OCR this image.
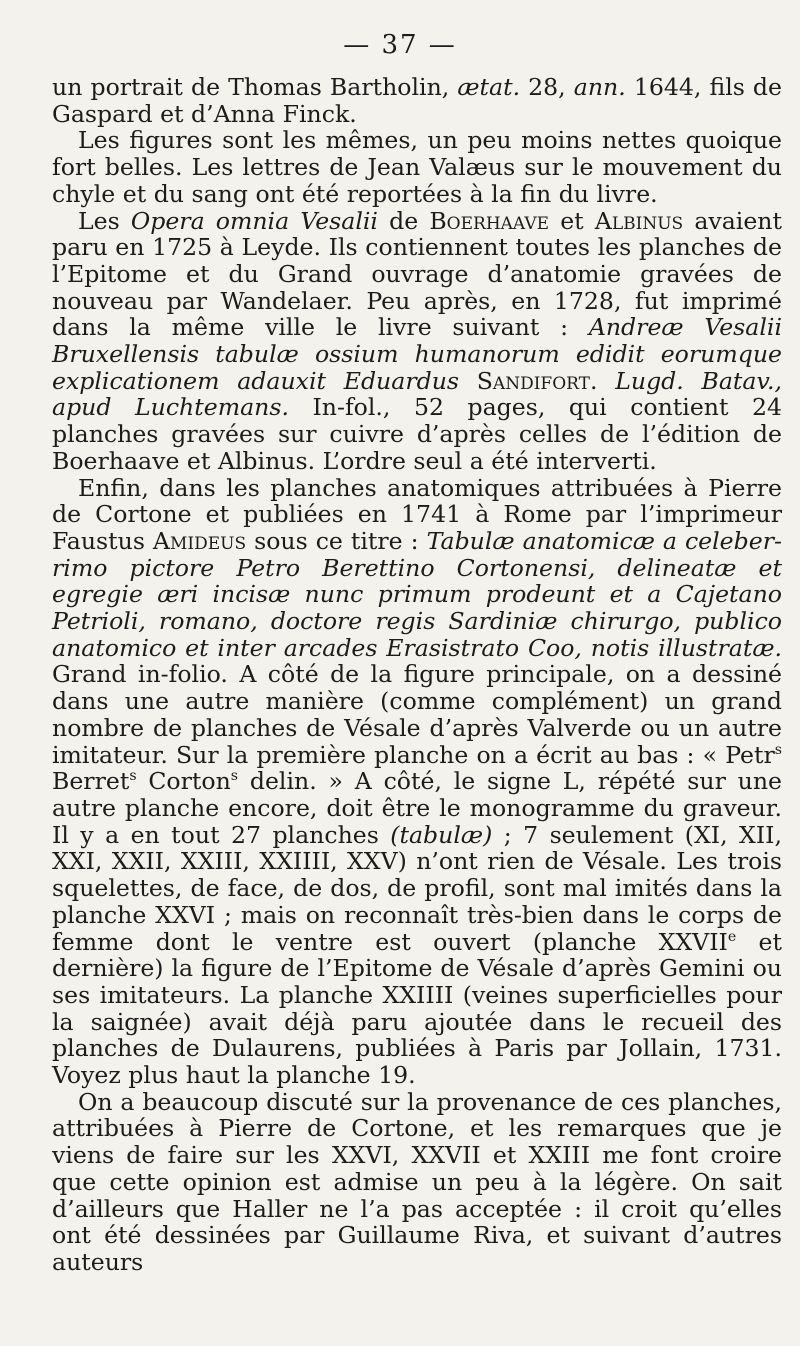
— 37 —

un portrait de Thomas Bartholin, ætat. 28, ann. 1644, fils de Gaspard et d’Anna Finck.

Les figures sont les mêmes, un peu moins nettes quoique fort belles. Les lettres de Jean Valæus sur le mouvement du chyle et du sang ont été reportées à la fin du livre.

Les Opera omnia Vesalii de Boerhaave et Albinus avaient paru en 1725 à Leyde. Ils contiennent toutes les planches de l’Epitome et du Grand ouvrage d’anatomie gravées de nouveau par Wandelaer. Peu après, en 1728, fut imprimé dans la même ville le livre suivant : Andreæ Vesalii Bruxellensis tabulæ ossium humanorum edidit eorumque explicationem adauxit Eduardus Sandifort. Lugd. Batav., apud Luchtemans. In-fol., 52 pages, qui contient 24 planches gravées sur cuivre d’après celles de l’édition de Boerhaave et Albinus. L’ordre seul a été interverti.

Enfin, dans les planches anatomiques attribuées à Pierre de Cortone et publiées en 1741 à Rome par l’imprimeur Faustus Amideus sous ce titre : Tabulæ anatomicæ a celeberrimo pictore Petro Berettino Cortonensi, delineatæ et egregie æri incisæ nunc primum prodeunt et a Cajetano Petrioli, romano, doctore regis Sardiniæ chirurgo, publico anatomico et inter arcades Erasistrato Coo, notis illustratæ. Grand in-folio. A côté de la figure principale, on a dessiné dans une autre manière (comme complément) un grand nombre de planches de Vésale d’après Valverde ou un autre imitateur. Sur la première planche on a écrit au bas : « Petr$^s$ Berret$^s$ Corton$^s$ delin. » A côté, le signe L, répété sur une autre planche encore, doit être le monogramme du graveur. Il y a en tout 27 planches (tabulæ) ; 7 seulement (XI, XII, XXI, XXII, XXIII, XXIIII, XXV) n’ont rien de Vésale. Les trois squelettes, de face, de dos, de profil, sont mal imités dans la planche XXVI ; mais on reconnaît très-bien dans le corps de femme dont le ventre est ouvert (planche XXVIIe et dernière) la figure de l’Epitome de Vésale d’après Gemini ou ses imitateurs. La planche XXIIII (veines superficielles pour la saignée) avait déjà paru ajoutée dans le recueil des planches de Dulaurens, publiées à Paris par Jollain, 1731. Voyez plus haut la planche 19.

On a beaucoup discuté sur la provenance de ces planches, attribuées à Pierre de Cortone, et les remarques que je viens de faire sur les XXVI, XXVII et XXIII me font croire que cette opinion est admise un peu à la légère. On sait d’ailleurs que Haller ne l’a pas acceptée : il croit qu’elles ont été dessinées par Guillaume Riva, et suivant d’autres auteurs
